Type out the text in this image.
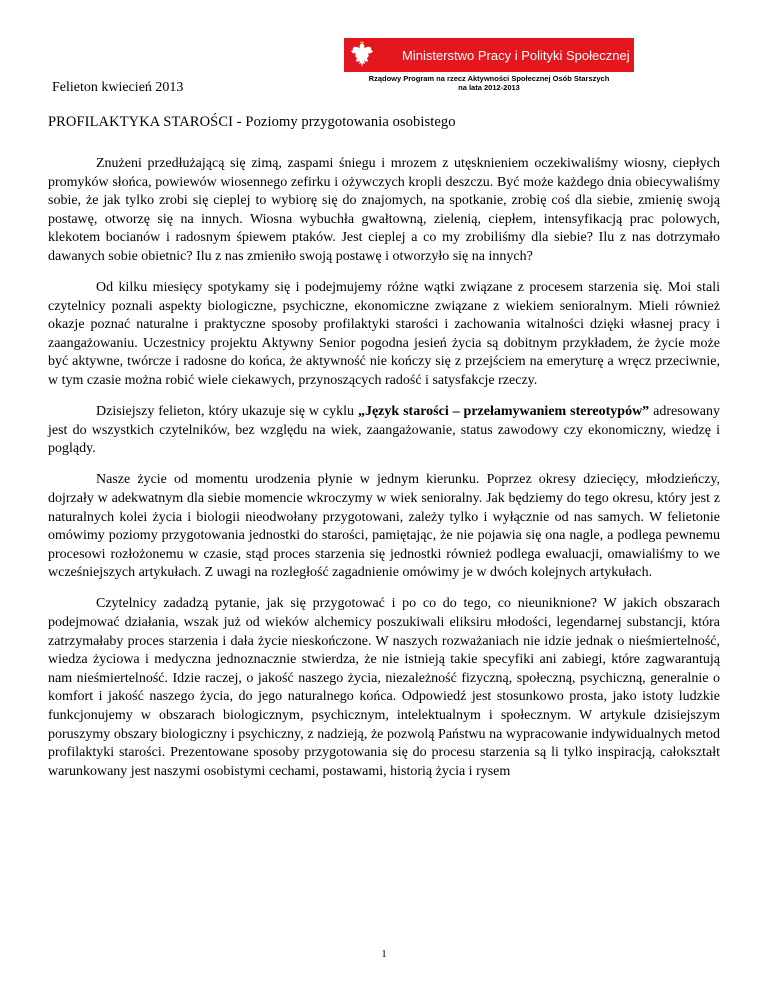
Ministerstwo Pracy i Polityki Społecznej
Rządowy Program na rzecz Aktywności Społecznej Osób Starszych
na lata 2012-2013
Felieton kwiecień 2013
PROFILAKTYKA STAROŚCI - Poziomy przygotowania osobistego

Znużeni przedłużającą się zimą, zaspami śniegu i mrozem z utęsknieniem oczekiwaliśmy wiosny, ciepłych promyków słońca, powiewów wiosennego zefirku i ożywczych kropli deszczu. Być może każdego dnia obiecywaliśmy sobie, że jak tylko zrobi się cieplej to wybiorę się do znajomych, na spotkanie, zrobię coś dla siebie, zmienię swoją postawę, otworzę się na innych. Wiosna wybuchła gwałtowną, zielenią, ciepłem, intensyfikacją prac polowych, klekotem bocianów i radosnym śpiewem ptaków. Jest cieplej a co my zrobiliśmy dla siebie? Ilu z nas dotrzymało dawanych sobie obietnic? Ilu z nas zmieniło swoją postawę i otworzyło się na innych?

Od kilku miesięcy spotykamy się i podejmujemy różne wątki związane z procesem starzenia się. Moi stali czytelnicy poznali aspekty biologiczne, psychiczne, ekonomiczne związane z wiekiem senioralnym. Mieli również okazje poznać naturalne i praktyczne sposoby profilaktyki starości i zachowania witalności dzięki własnej pracy i zaangażowaniu. Uczestnicy projektu Aktywny Senior pogodna jesień życia są dobitnym przykładem, że życie może być aktywne, twórcze i radosne do końca, że aktywność nie kończy się z przejściem na emeryturę a wręcz przeciwnie, w tym czasie można robić wiele ciekawych, przynoszących radość i satysfakcje rzeczy.

Dzisiejszy felieton, który ukazuje się w cyklu „Język starości – przełamywaniem stereotypów” adresowany jest do wszystkich czytelników, bez względu na wiek, zaangażowanie, status zawodowy czy ekonomiczny, wiedzę i poglądy.

Nasze życie od momentu urodzenia płynie w jednym kierunku. Poprzez okresy dziecięcy, młodzieńczy, dojrzały w adekwatnym dla siebie momencie wkroczymy w wiek senioralny. Jak będziemy do tego okresu, który jest z naturalnych kolei życia i biologii nieodwołany przygotowani, zależy tylko i wyłącznie od nas samych. W felietonie omówimy poziomy przygotowania jednostki do starości, pamiętając, że nie pojawia się ona nagle, a podlega pewnemu procesowi rozłożonemu w czasie, stąd proces starzenia się jednostki również podlega ewaluacji, omawialiśmy to we wcześniejszych artykułach. Z uwagi na rozległość zagadnienie omówimy je w dwóch kolejnych artykułach.

Czytelnicy zadadzą pytanie, jak się przygotować i po co do tego, co nieuniknione? W jakich obszarach podejmować działania, wszak już od wieków alchemicy poszukiwali eliksiru młodości, legendarnej substancji, która zatrzymałaby proces starzenia i dała życie nieskończone. W naszych rozważaniach nie idzie jednak o nieśmiertelność, wiedza życiowa i medyczna jednoznacznie stwierdza, że nie istnieją takie specyfiki ani zabiegi, które zagwarantują nam nieśmiertelność. Idzie raczej, o jakość naszego życia, niezależność fizyczną, społeczną, psychiczną, generalnie o komfort i jakość naszego życia, do jego naturalnego końca. Odpowiedź jest stosunkowo prosta, jako istoty ludzkie funkcjonujemy w obszarach biologicznym, psychicznym, intelektualnym i społecznym. W artykule dzisiejszym poruszymy obszary biologiczny i psychiczny, z nadzieją, że pozwolą Państwu na wypracowanie indywidualnych metod profilaktyki starości. Prezentowane sposoby przygotowania się do procesu starzenia są li tylko inspiracją, całokształt warunkowany jest naszymi osobistymi cechami, postawami, historią życia i rysem

1
